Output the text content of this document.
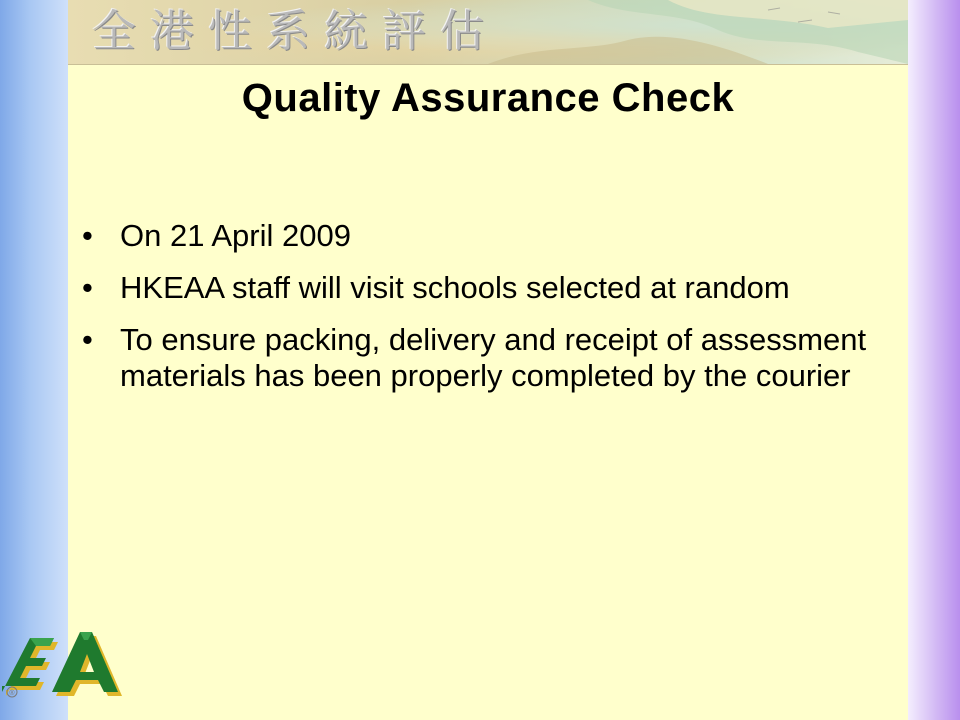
全港性系統評估
Quality Assurance Check
• On 21 April 2009
• HKEAA staff will visit schools selected at random
• To ensure packing, delivery and receipt of assessment materials has been properly completed by the courier
®
